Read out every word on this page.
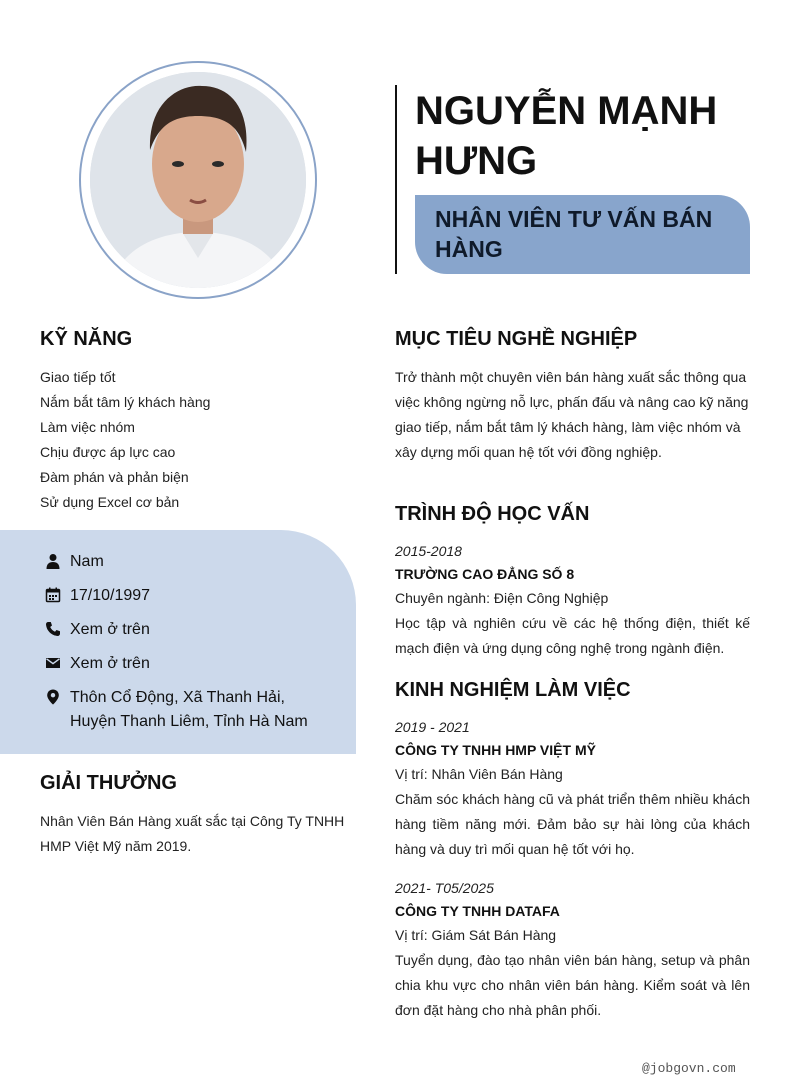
NGUYỄN MẠNH
HƯNG
NHÂN VIÊN TƯ VẤN BÁN
HÀNG
KỸ NĂNG
Giao tiếp tốt
Nắm bắt tâm lý khách hàng
Làm việc nhóm
Chịu được áp lực cao
Đàm phán và phản biện
Sử dụng Excel cơ bản
Nam
17/10/1997
Xem ở trên
Xem ở trên
Thôn Cổ Động, Xã Thanh Hải,
Huyện Thanh Liêm, Tỉnh Hà Nam
GIẢI THƯỞNG
Nhân Viên Bán Hàng xuất sắc tại Công Ty TNHH
HMP Việt Mỹ năm 2019.
MỤC TIÊU NGHỀ NGHIỆP
Trở thành một chuyên viên bán hàng xuất sắc thông qua
việc không ngừng nỗ lực, phấn đấu và nâng cao kỹ năng
giao tiếp, nắm bắt tâm lý khách hàng, làm việc nhóm và
xây dựng mối quan hệ tốt với đồng nghiệp.
TRÌNH ĐỘ HỌC VẤN
2015-2018
TRƯỜNG CAO ĐẲNG SỐ 8
Chuyên ngành: Điện Công Nghiệp
Học tập và nghiên cứu về các hệ thống điện, thiết kế
mạch điện và ứng dụng công nghệ trong ngành điện.
KINH NGHIỆM LÀM VIỆC
2019 - 2021
CÔNG TY TNHH HMP VIỆT MỸ
Vị trí: Nhân Viên Bán Hàng
Chăm sóc khách hàng cũ và phát triển thêm nhiều khách
hàng tiềm năng mới. Đảm bảo sự hài lòng của khách
hàng và duy trì mối quan hệ tốt với họ.
2021- T05/2025
CÔNG TY TNHH DATAFA
Vị trí: Giám Sát Bán Hàng
Tuyển dụng, đào tạo nhân viên bán hàng, setup và phân
chia khu vực cho nhân viên bán hàng. Kiểm soát và lên
đơn đặt hàng cho nhà phân phối.
@jobgovn.com
